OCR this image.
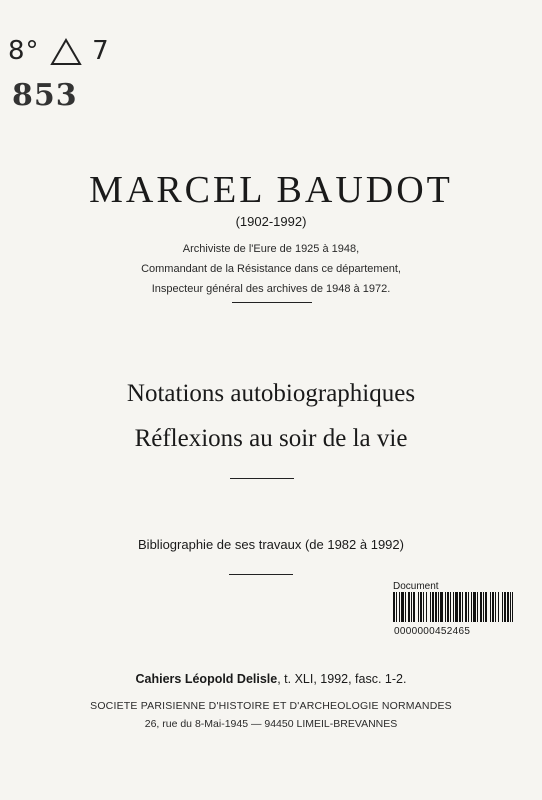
8° 7
853
MARCEL BAUDOT
(1902-1992)
Archiviste de l'Eure de 1925 à 1948,
Commandant de la Résistance dans ce département,
Inspecteur général des archives de 1948 à 1972.
Notations autobiographiques
Réflexions au soir de la vie
Bibliographie de ses travaux (de 1982 à 1992)
Document
0000000452465
Cahiers Léopold Delisle, t. XLI, 1992, fasc. 1-2.
SOCIETE PARISIENNE D'HISTOIRE ET D'ARCHEOLOGIE NORMANDES
26, rue du 8-Mai-1945 — 94450 LIMEIL-BREVANNES
